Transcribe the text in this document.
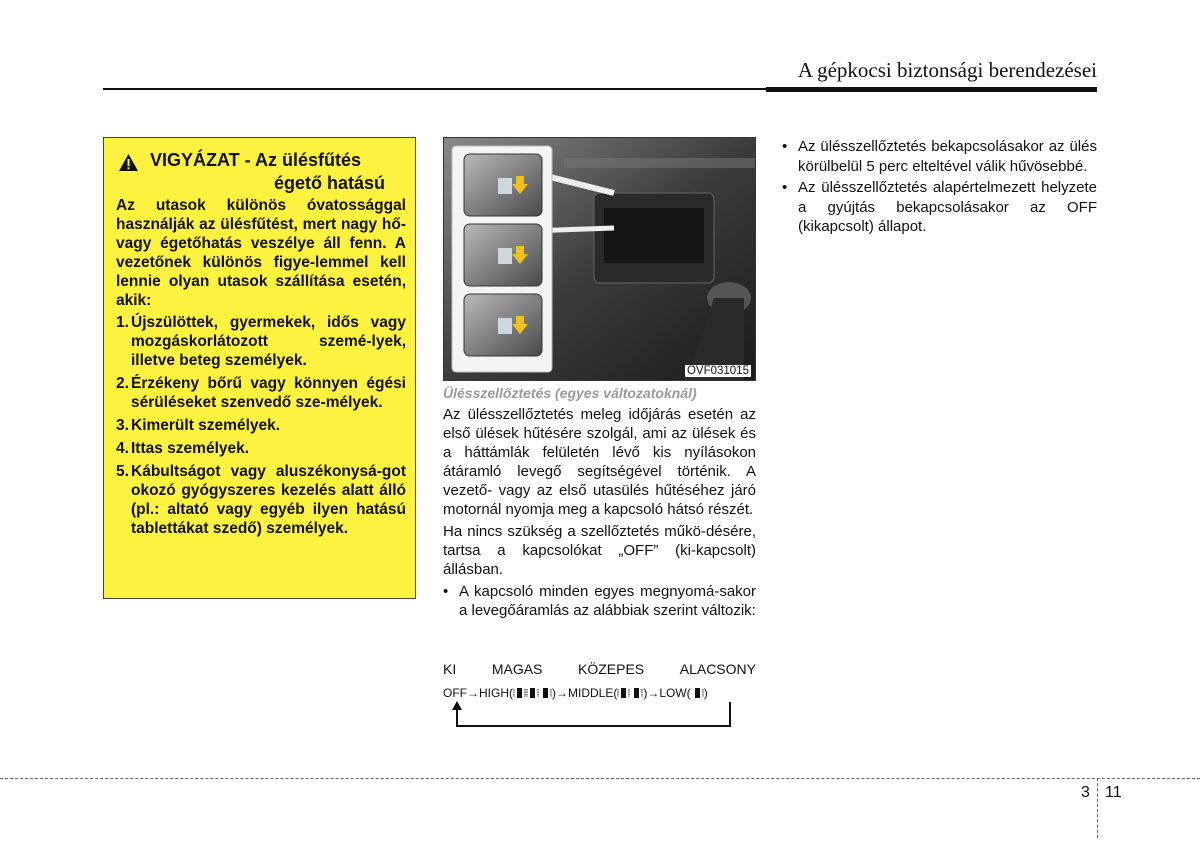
A gépkocsi biztonsági berendezései
VIGYÁZAT - Az ülésfűtés
égető hatású
Az utasok különös óvatossággal használják az ülésfűtést, mert nagy hő- vagy égetőhatás veszélye áll fenn. A vezetőnek különös figye-lemmel kell lennie olyan utasok szállítása esetén, akik:
1. Újszülöttek, gyermekek, idős vagy mozgáskorlátozott szemé-lyek, illetve beteg személyek.
2. Érzékeny bőrű vagy könnyen égési sérüléseket szenvedő sze-mélyek.
3. Kimerült személyek.
4. Ittas személyek.
5. Kábultságot vagy aluszékonysá-got okozó gyógyszeres kezelés alatt álló (pl.: altató vagy egyéb ilyen hatású tablettákat szedő) személyek.
OVF031015
Ülésszellőztetés (egyes változatoknál)

Az ülésszellőztetés meleg időjárás esetén az első ülések hűtésére szolgál, ami az ülések és a háttámlák felületén lévő kis nyílásokon átáramló levegő segítségével történik. A vezető- vagy az első utasülés hűtéséhez járó motornál nyomja meg a kapcsoló hátsó részét.

Ha nincs szükség a szellőztetés műkö-désére, tartsa a kapcsolókat „OFF” (ki-kapcsolt) állásban.

• A kapcsoló minden egyes megnyomá-sakor a levegőáramlás az alábbiak szerint változik:
KI	MAGAS	KÖZEPES	ALACSONY
OFF → HIGH(	) → MIDDLE( ) → LOW( )
• Az ülésszellőztetés bekapcsolásakor az ülés körülbelül 5 perc elteltével válik hűvösebbé.
• Az ülésszellőztetés alapértelmezett helyzete a gyújtás bekapcsolásakor az OFF (kikapcsolt) állapot.
3 11
